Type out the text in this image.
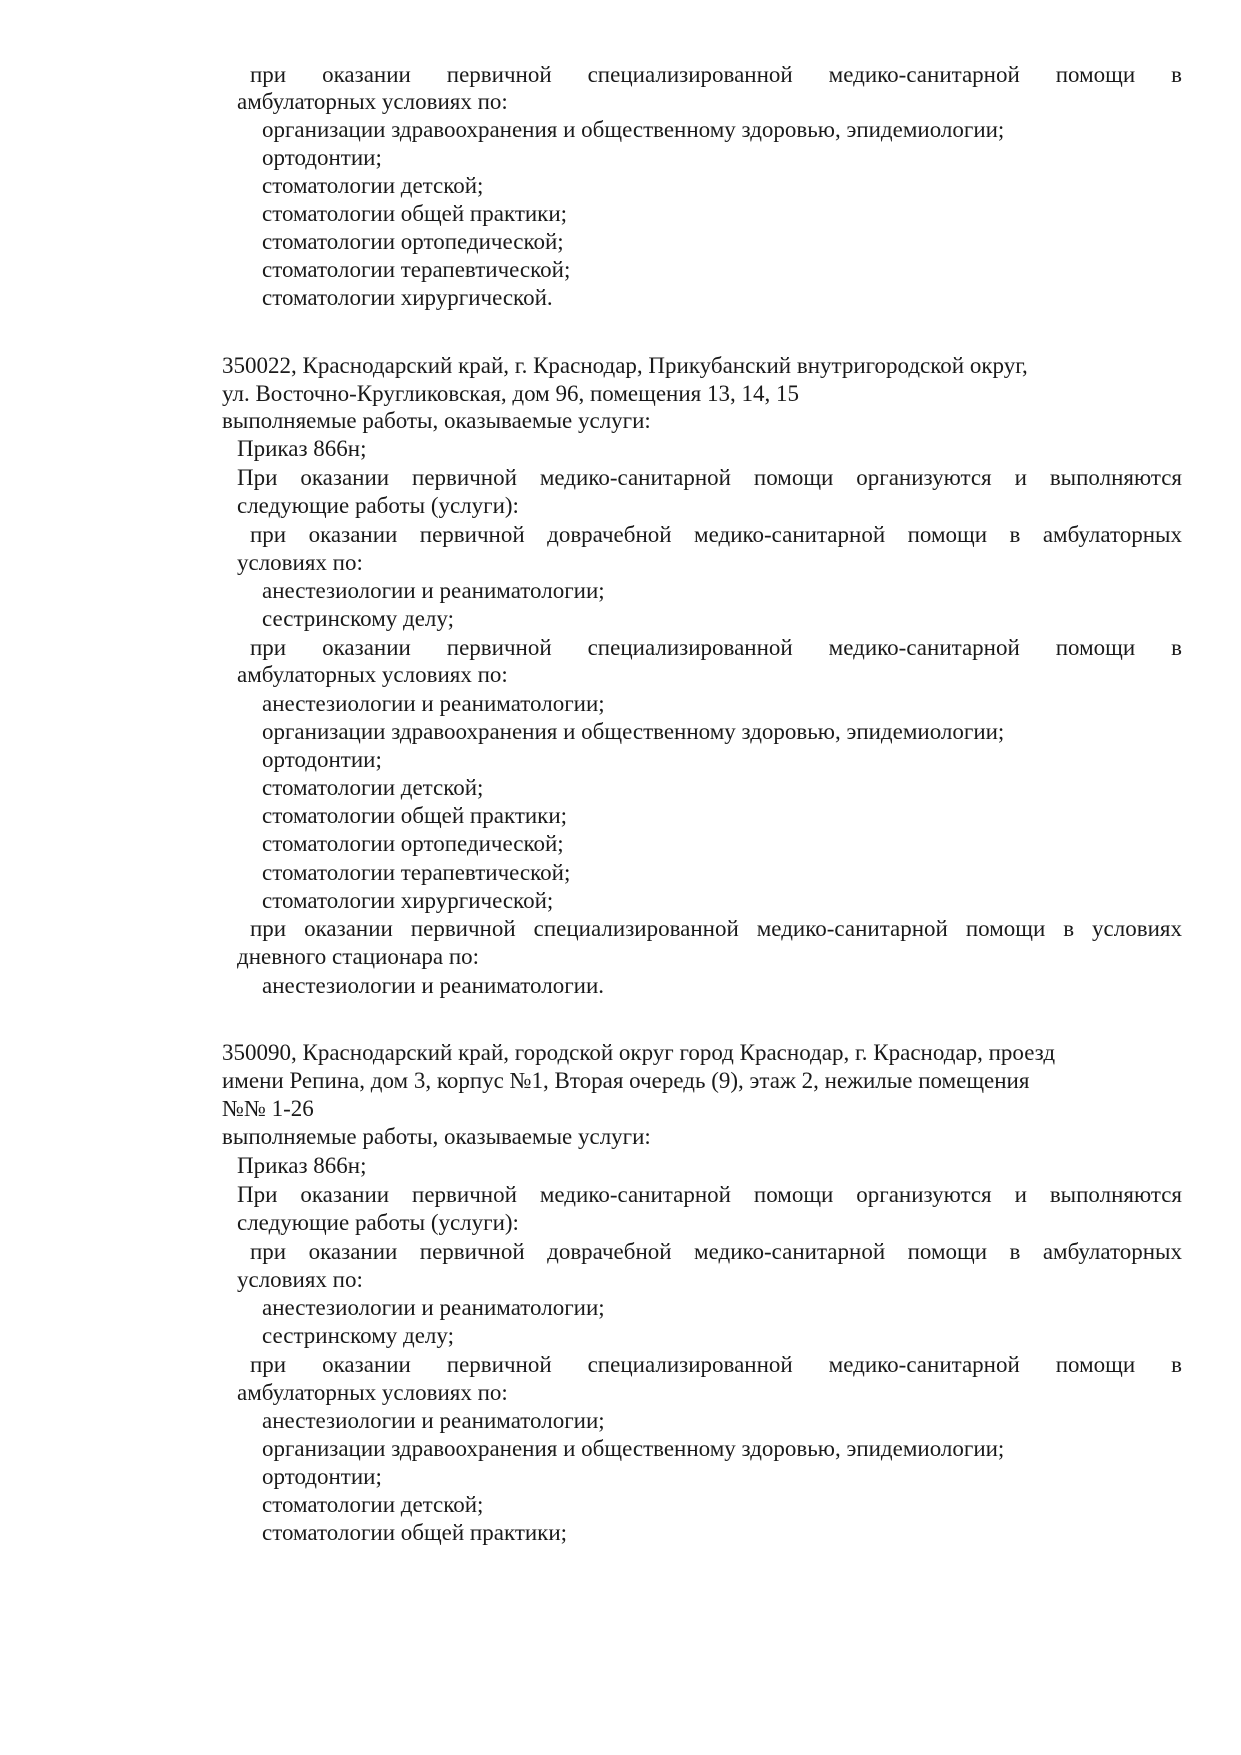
при оказании первичной специализированной медико-санитарной помощи в
амбулаторных условиях по:
организации здравоохранения и общественному здоровью, эпидемиологии;
ортодонтии;
стоматологии детской;
стоматологии общей практики;
стоматологии ортопедической;
стоматологии терапевтической;
стоматологии хирургической.
350022, Краснодарский край, г. Краснодар, Прикубанский внутригородской округ,
ул. Восточно-Кругликовская, дом 96, помещения 13, 14, 15
выполняемые работы, оказываемые услуги:
Приказ 866н;
При оказании первичной медико-санитарной помощи организуются и выполняются
следующие работы (услуги):
при оказании первичной доврачебной медико-санитарной помощи в амбулаторных
условиях по:
анестезиологии и реаниматологии;
сестринскому делу;
при оказании первичной специализированной медико-санитарной помощи в
амбулаторных условиях по:
анестезиологии и реаниматологии;
организации здравоохранения и общественному здоровью, эпидемиологии;
ортодонтии;
стоматологии детской;
стоматологии общей практики;
стоматологии ортопедической;
стоматологии терапевтической;
стоматологии хирургической;
при оказании первичной специализированной медико-санитарной помощи в условиях
дневного стационара по:
анестезиологии и реаниматологии.
350090, Краснодарский край, городской округ город Краснодар, г. Краснодар, проезд
имени Репина, дом 3, корпус №1, Вторая очередь (9), этаж 2, нежилые помещения
№№ 1-26
выполняемые работы, оказываемые услуги:
Приказ 866н;
При оказании первичной медико-санитарной помощи организуются и выполняются
следующие работы (услуги):
при оказании первичной доврачебной медико-санитарной помощи в амбулаторных
условиях по:
анестезиологии и реаниматологии;
сестринскому делу;
при оказании первичной специализированной медико-санитарной помощи в
амбулаторных условиях по:
анестезиологии и реаниматологии;
организации здравоохранения и общественному здоровью, эпидемиологии;
ортодонтии;
стоматологии детской;
стоматологии общей практики;
